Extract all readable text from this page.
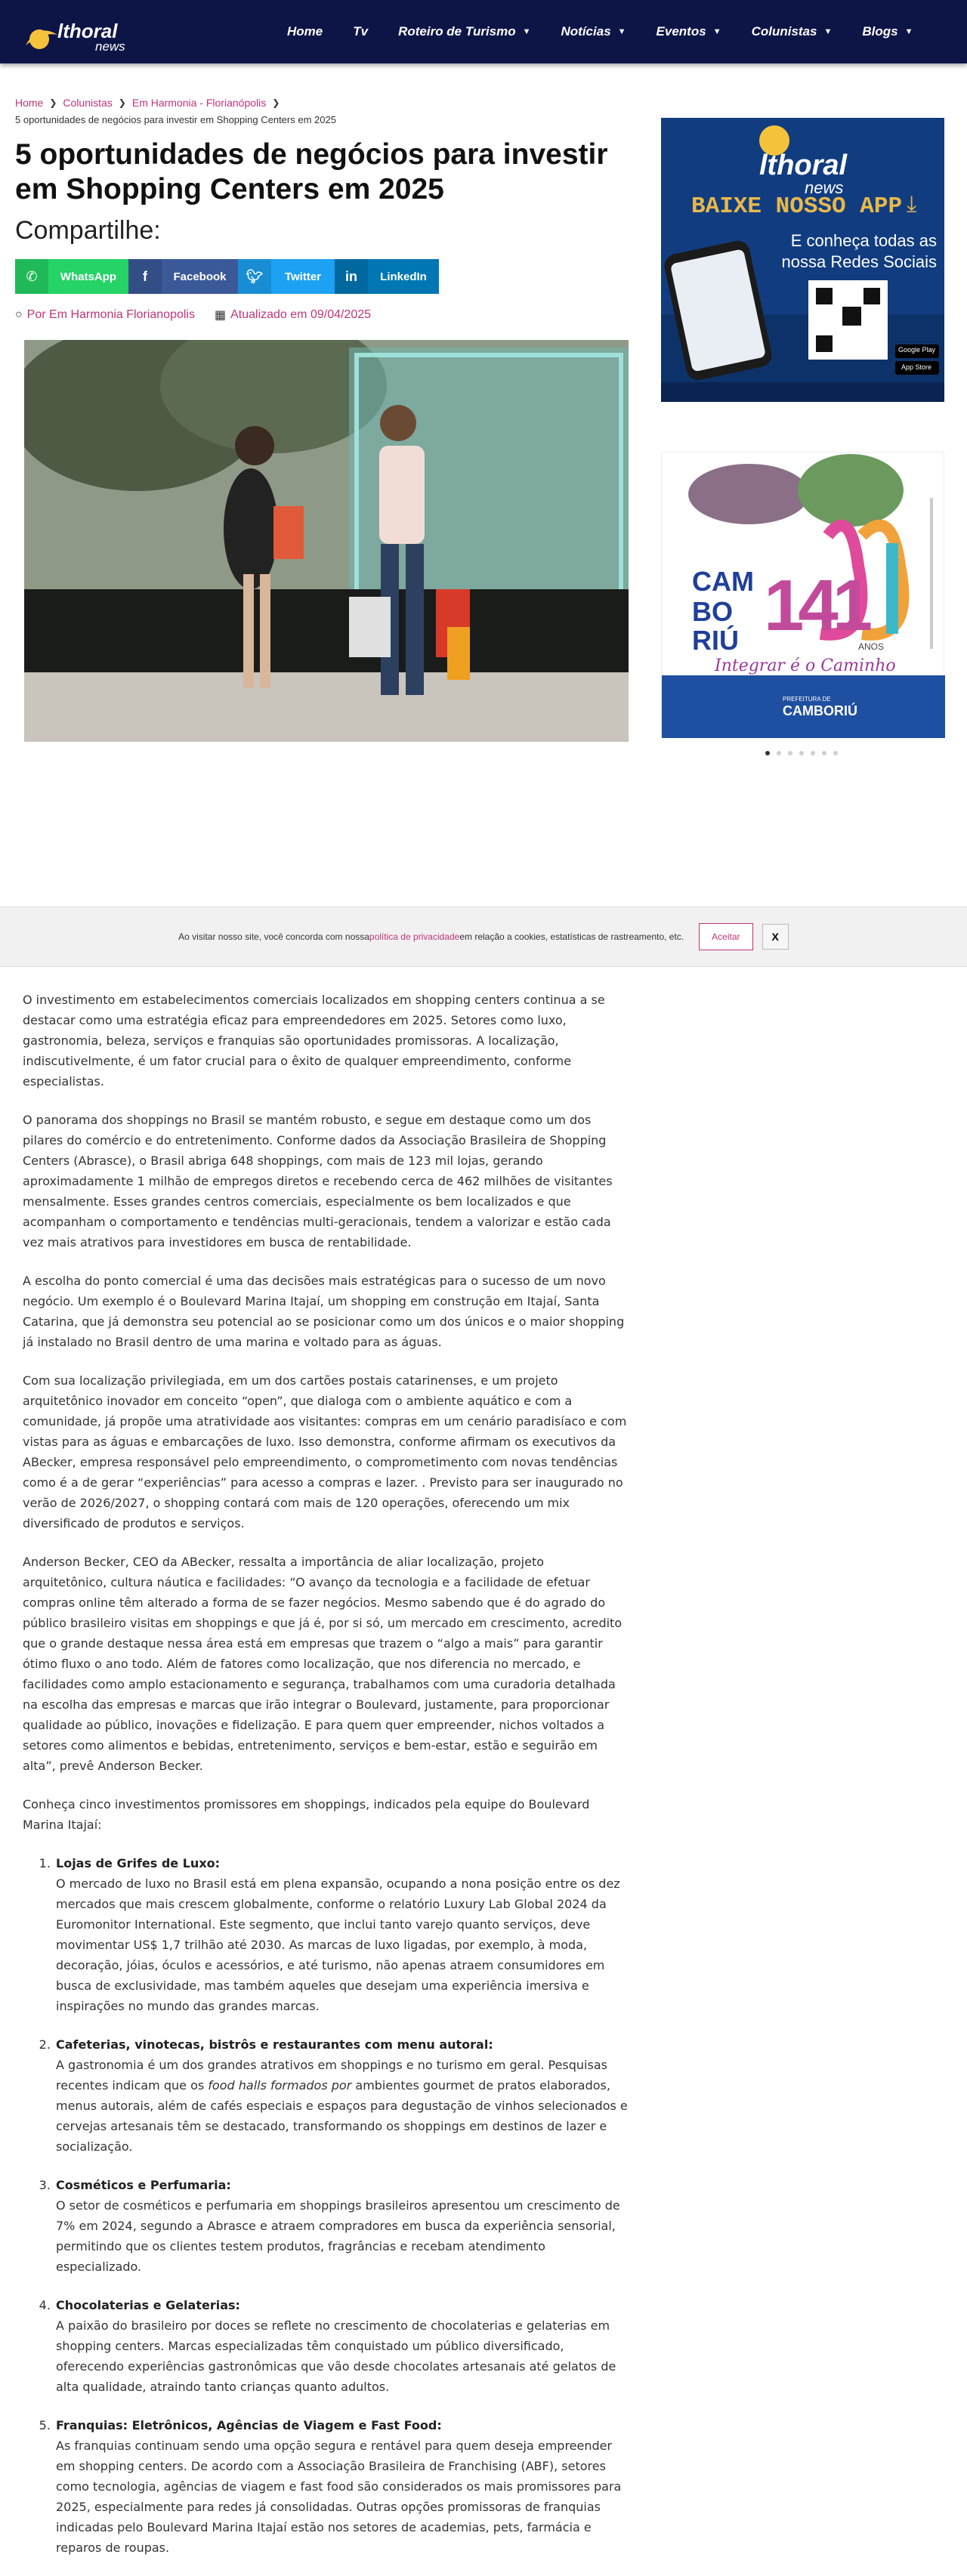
lthoral
news
Home Tv Roteiro de Turismo ▼ Notícias ▼ Eventos ▼ Colunistas ▼ Blogs ▼
Home ❯ Colunistas ❯ Em Harmonia - Florianópolis ❯
5 oportunidades de negócios para investir em Shopping Centers em 2025
5 oportunidades de negócios para investir em Shopping Centers em 2025
Compartilhe:
✆	WhatsApp	f	Facebook	🐦︎	Twitter	in	LinkedIn
○ Por Em Harmonia Florianopolis ▦ Atualizado em 09/04/2025
lthoral
news
BAIXE NOSSO APP ⤓
E conheça todas as
nossa Redes Sociais
Google Play
App Store
CAM
BO
RIÚ 141
ANOS
Integrar é o Caminho
PREFEITURA DE
CAMBORIÚ
Ao visitar nosso site, você concorda com nossa política de privacidade em relação a cookies, estatísticas de rastreamento, etc.	Aceitar	X

O investimento em estabelecimentos comerciais localizados em shopping centers continua a se destacar como uma estratégia eficaz para empreendedores em 2025. Setores como luxo, gastronomia, beleza, serviços e franquias são oportunidades promissoras. A localização, indiscutivelmente, é um fator crucial para o êxito de qualquer empreendimento, conforme especialistas.

O panorama dos shoppings no Brasil se mantém robusto, e segue em destaque como um dos pilares do comércio e do entretenimento. Conforme dados da Associação Brasileira de Shopping Centers (Abrasce), o Brasil abriga 648 shoppings, com mais de 123 mil lojas, gerando aproximadamente 1 milhão de empregos diretos e recebendo cerca de 462 milhões de visitantes mensalmente. Esses grandes centros comerciais, especialmente os bem localizados e que acompanham o comportamento e tendências multi-geracionais, tendem a valorizar e estão cada vez mais atrativos para investidores em busca de rentabilidade.

A escolha do ponto comercial é uma das decisões mais estratégicas para o sucesso de um novo negócio. Um exemplo é o Boulevard Marina Itajaí, um shopping em construção em Itajaí, Santa Catarina, que já demonstra seu potencial ao se posicionar como um dos únicos e o maior shopping já instalado no Brasil dentro de uma marina e voltado para as águas.

Com sua localização privilegiada, em um dos cartões postais catarinenses, e um projeto arquitetônico inovador em conceito “open”, que dialoga com o ambiente aquático e com a comunidade, já propõe uma atratividade aos visitantes: compras em um cenário paradisíaco e com vistas para as águas e embarcações de luxo. Isso demonstra, conforme afirmam os executivos da ABecker, empresa responsável pelo empreendimento, o comprometimento com novas tendências como é a de gerar “experiências” para acesso a compras e lazer. . Previsto para ser inaugurado no verão de 2026/2027, o shopping contará com mais de 120 operações, oferecendo um mix diversificado de produtos e serviços.

Anderson Becker, CEO da ABecker, ressalta a importância de aliar localização, projeto arquitetônico, cultura náutica e facilidades: “O avanço da tecnologia e a facilidade de efetuar compras online têm alterado a forma de se fazer negócios. Mesmo sabendo que é do agrado do público brasileiro visitas em shoppings e que já é, por si só, um mercado em crescimento, acredito que o grande destaque nessa área está em empresas que trazem o “algo a mais” para garantir ótimo fluxo o ano todo. Além de fatores como localização, que nos diferencia no mercado, e facilidades como amplo estacionamento e segurança, trabalhamos com uma curadoria detalhada na escolha das empresas e marcas que irão integrar o Boulevard, justamente, para proporcionar qualidade ao público, inovações e fidelização. E para quem quer empreender, nichos voltados a setores como alimentos e bebidas, entretenimento, serviços e bem-estar, estão e seguirão em alta”, prevê Anderson Becker.

Conheça cinco investimentos promissores em shoppings, indicados pela equipe do Boulevard Marina Itajaí:

1. Lojas de Grifes de Luxo:
O mercado de luxo no Brasil está em plena expansão, ocupando a nona posição entre os dez mercados que mais crescem globalmente, conforme o relatório Luxury Lab Global 2024 da Euromonitor International. Este segmento, que inclui tanto varejo quanto serviços, deve movimentar US$ 1,7 trilhão até 2030. As marcas de luxo ligadas, por exemplo, à moda, decoração, jóias, óculos e acessórios, e até turismo, não apenas atraem consumidores em busca de exclusividade, mas também aqueles que desejam uma experiência imersiva e inspirações no mundo das grandes marcas.
2. Cafeterias, vinotecas, bistrôs e restaurantes com menu autoral:
A gastronomia é um dos grandes atrativos em shoppings e no turismo em geral. Pesquisas recentes indicam que os food halls formados por ambientes gourmet de pratos elaborados, menus autorais, além de cafés especiais e espaços para degustação de vinhos selecionados e cervejas artesanais têm se destacado, transformando os shoppings em destinos de lazer e socialização.
3. Cosméticos e Perfumaria:
O setor de cosméticos e perfumaria em shoppings brasileiros apresentou um crescimento de 7% em 2024, segundo a Abrasce e atraem compradores em busca da experiência sensorial, permitindo que os clientes testem produtos, fragrâncias e recebam atendimento especializado.
4. Chocolaterias e Gelaterias:
A paixão do brasileiro por doces se reflete no crescimento de chocolaterias e gelaterias em shopping centers. Marcas especializadas têm conquistado um público diversificado, oferecendo experiências gastronômicas que vão desde chocolates artesanais até gelatos de alta qualidade, atraindo tanto crianças quanto adultos.
5. Franquias: Eletrônicos, Agências de Viagem e Fast Food:
As franquias continuam sendo uma opção segura e rentável para quem deseja empreender em shopping centers. De acordo com a Associação Brasileira de Franchising (ABF), setores como tecnologia, agências de viagem e fast food são considerados os mais promissores para 2025, especialmente para redes já consolidadas. Outras opções promissoras de franquias indicadas pelo Boulevard Marina Itajaí estão nos setores de academias, pets, farmácia e reparos de roupas.
